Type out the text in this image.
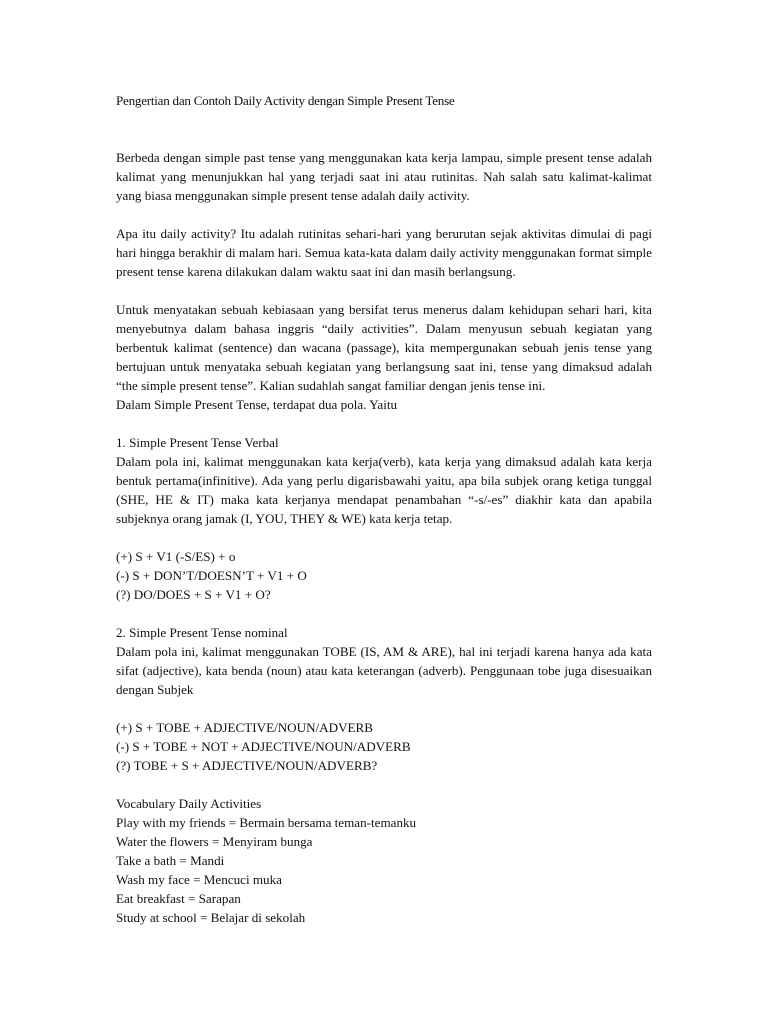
Pengertian dan Contoh Daily Activity dengan Simple Present Tense
Berbeda dengan simple past tense yang menggunakan kata kerja lampau, simple present tense adalah kalimat yang menunjukkan hal yang terjadi saat ini atau rutinitas. Nah salah satu kalimat-kalimat yang biasa menggunakan simple present tense adalah daily activity.
Apa itu daily activity? Itu adalah rutinitas sehari-hari yang berurutan sejak aktivitas dimulai di pagi hari hingga berakhir di malam hari. Semua kata-kata dalam daily activity menggunakan format simple present tense karena dilakukan dalam waktu saat ini dan masih berlangsung.
Untuk menyatakan sebuah kebiasaan yang bersifat terus menerus dalam kehidupan sehari hari, kita menyebutnya dalam bahasa inggris “daily activities”. Dalam menyusun sebuah kegiatan yang berbentuk kalimat (sentence) dan wacana (passage), kita mempergunakan sebuah jenis tense yang bertujuan untuk menyataka sebuah kegiatan yang berlangsung saat ini, tense yang dimaksud adalah “the simple present tense”. Kalian sudahlah sangat familiar dengan jenis tense ini.
Dalam Simple Present Tense, terdapat dua pola. Yaitu
1. Simple Present Tense Verbal
Dalam pola ini, kalimat menggunakan kata kerja(verb), kata kerja yang dimaksud adalah kata kerja bentuk pertama(infinitive). Ada yang perlu digarisbawahi yaitu, apa bila subjek orang ketiga tunggal (SHE, HE & IT) maka kata kerjanya mendapat penambahan “-s/-es” diakhir kata dan apabila subjeknya orang jamak (I, YOU, THEY & WE) kata kerja tetap.
(+) S + V1 (-S/ES) + o
(-) S + DON’T/DOESN’T + V1 + O
(?) DO/DOES + S + V1 + O?
2. Simple Present Tense nominal
Dalam pola ini, kalimat menggunakan TOBE (IS, AM & ARE), hal ini terjadi karena hanya ada kata sifat (adjective), kata benda (noun) atau kata keterangan (adverb). Penggunaan tobe juga disesuaikan dengan Subjek
(+) S + TOBE + ADJECTIVE/NOUN/ADVERB
(-) S + TOBE + NOT + ADJECTIVE/NOUN/ADVERB
(?) TOBE + S + ADJECTIVE/NOUN/ADVERB?
Vocabulary Daily Activities
Play with my friends = Bermain bersama teman-temanku
Water the flowers = Menyiram bunga
Take a bath = Mandi
Wash my face = Mencuci muka
Eat breakfast = Sarapan
Study at school = Belajar di sekolah
